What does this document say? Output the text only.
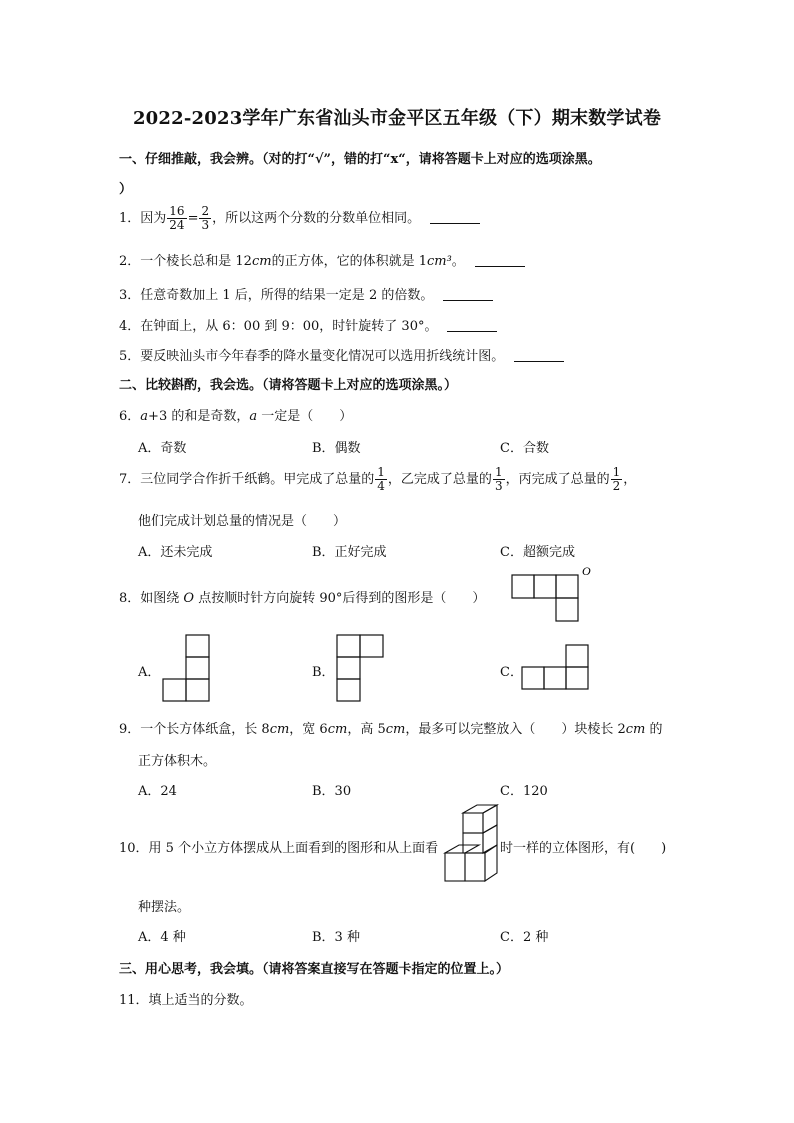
2022-2023学年广东省汕头市金平区五年级（下）期末数学试卷
一、仔细推敲，我会辨。（对的打“√”，错的打“x“，请将答题卡上对应的选项涂黑。
）
1．因为 $\frac{16}{24} = \frac{2}{3}$ ，所以这两个分数的分数单位相同。
2．一个棱长总和是 12cm的正方体，它的体积就是 1cm³。
3．任意奇数加上 1 后，所得的结果一定是 2 的倍数。
4．在钟面上，从 6：00 到 9：00，时针旋转了 30°。
5．要反映汕头市今年春季的降水量变化情况可以选用折线统计图。
二、比较斟酌，我会选。（请将答题卡上对应的选项涂黑。）
6．a+3 的和是奇数，a 一定是（　　）
A．奇数	B．偶数	C．合数
7．三位同学合作折千纸鹤。甲完成了总量的 $\frac{1}{4}$ ，乙完成了总量的 $\frac{1}{3}$ ，丙完成了总量的 $\frac{1}{2}$ ，
他们完成计划总量的情况是（　　）
A．还未完成	B．正好完成	C．超额完成
8．如图绕 O 点按顺时针方向旋转 90°后得到的图形是（　　）
O
A．	B．	C．
9．一个长方体纸盒，长 8cm，宽 6cm，高 5cm，最多可以完整放入（　　）块棱长 2cm 的
正方体积木。
A．24	B．30	C．120
10．用 5 个小立方体摆成从上面看到的图形和从上面看	时一样的立体图形，有(　　)
种摆法。
A．4 种	B．3 种	C．2 种
三、用心思考，我会填。（请将答案直接写在答题卡指定的位置上。）
11．填上适当的分数。
